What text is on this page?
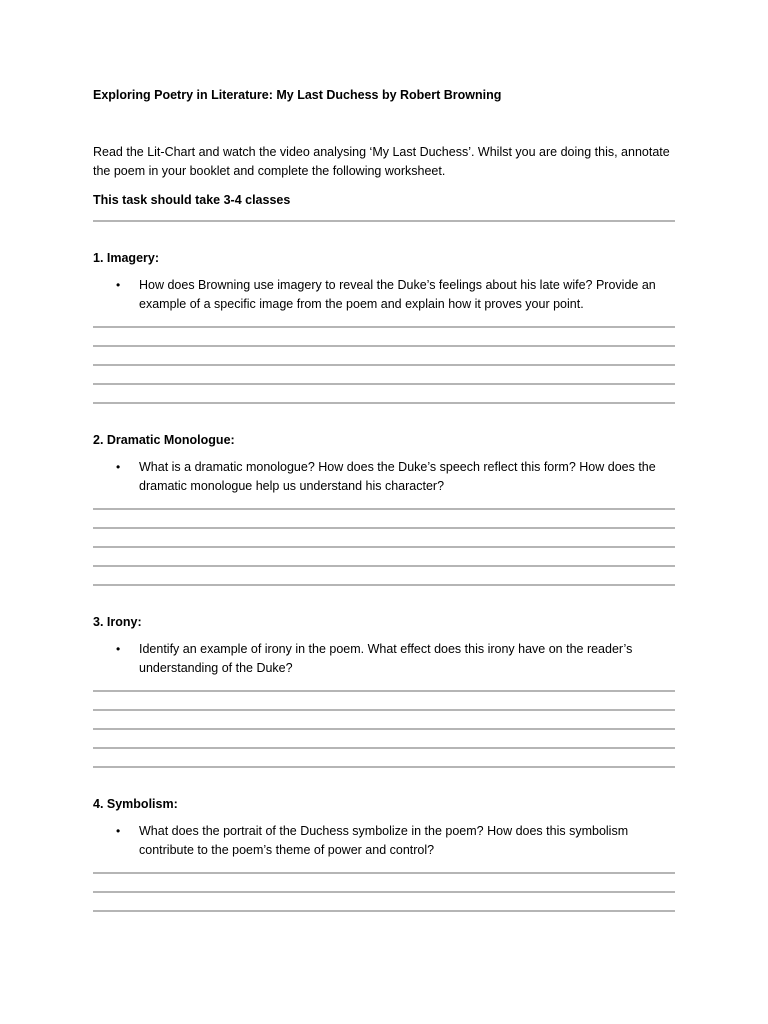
Exploring Poetry in Literature: My Last Duchess by Robert Browning

Read the Lit-Chart and watch the video analysing ‘My Last Duchess’. Whilst you are doing this, annotate the poem in your booklet and complete the following worksheet.

This task should take 3-4 classes

1. Imagery:

• How does Browning use imagery to reveal the Duke’s feelings about his late wife? Provide an example of a specific image from the poem and explain how it proves your point.

2. Dramatic Monologue:

• What is a dramatic monologue? How does the Duke’s speech reflect this form? How does the dramatic monologue help us understand his character?

3. Irony:

• Identify an example of irony in the poem. What effect does this irony have on the reader’s understanding of the Duke?

4. Symbolism:

• What does the portrait of the Duchess symbolize in the poem? How does this symbolism contribute to the poem’s theme of power and control?
